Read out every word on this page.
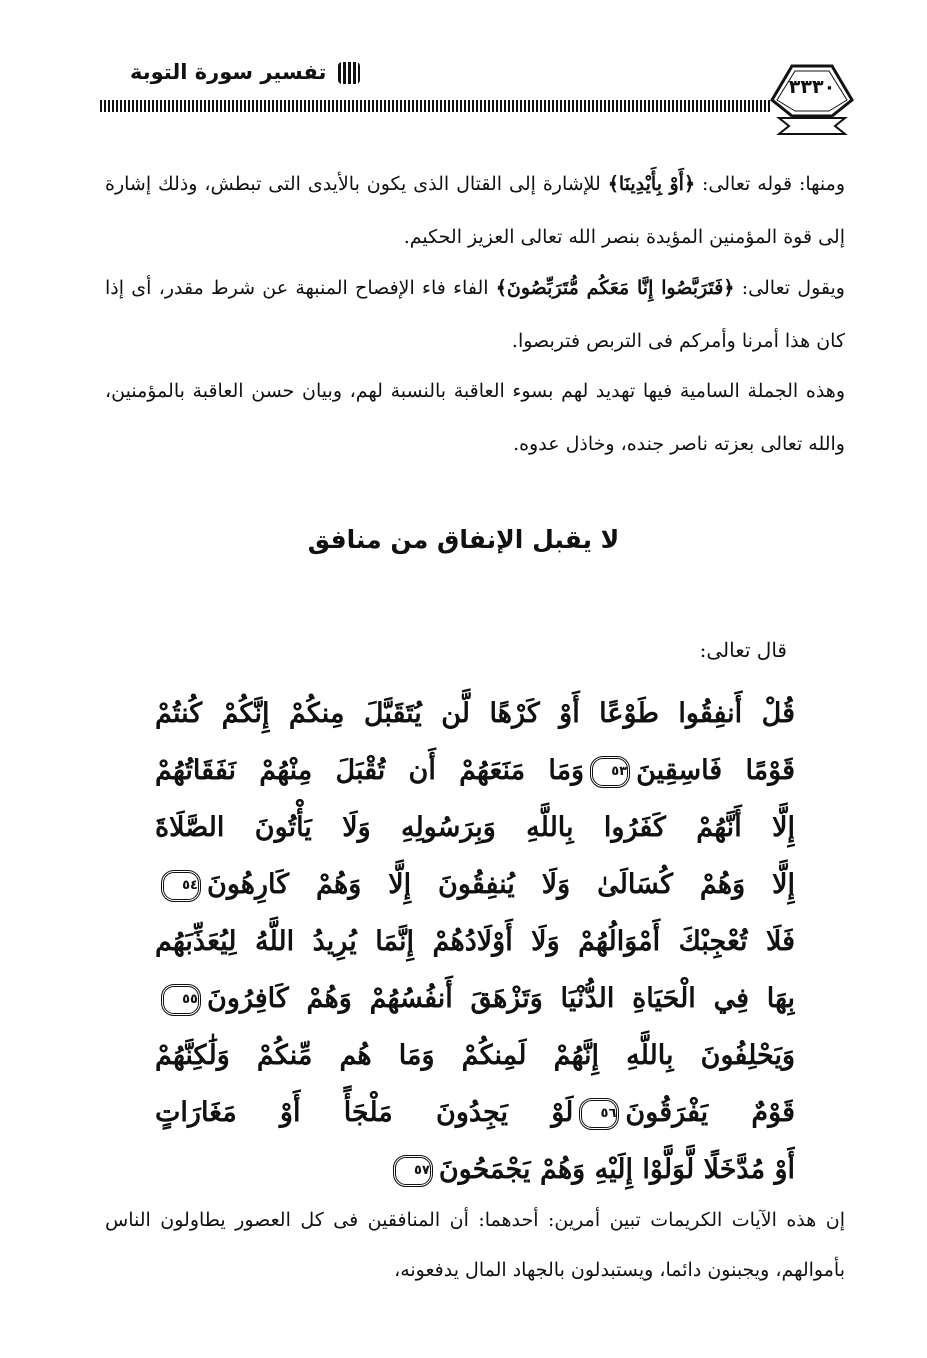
تفسير سورة التوبة
٣٣٣٠
ومنها: قوله تعالى: ﴿أَوْ بِأَيْدِينَا﴾ للإشارة إلى القتال الذى يكون بالأيدى التى تبطش، وذلك إشارة إلى قوة المؤمنين المؤيدة بنصر الله تعالى العزيز الحكيم.
ويقول تعالى: ﴿فَتَرَبَّصُوا إِنَّا مَعَكُم مُّتَرَبِّصُونَ﴾ الفاء فاء الإفصاح المنبهة عن شرط مقدر، أى إذا كان هذا أمرنا وأمركم فى التربص فتربصوا.
وهذه الجملة السامية فيها تهديد لهم بسوء العاقبة بالنسبة لهم، وبيان حسن العاقبة بالمؤمنين، والله تعالى بعزته ناصر جنده، وخاذل عدوه.
لا يقبل الإنفاق من منافق
قال تعالى:
قُلْ أَنفِقُوا طَوْعًا أَوْ كَرْهًا لَّن يُتَقَبَّلَ مِنكُمْ إِنَّكُمْ كُنتُمْ
قَوْمًا فَاسِقِينَ٥٣وَمَا مَنَعَهُمْ أَن تُقْبَلَ مِنْهُمْ نَفَقَاتُهُمْ
إِلَّا أَنَّهُمْ كَفَرُوا بِاللَّهِ وَبِرَسُولِهِ وَلَا يَأْتُونَ الصَّلَاةَ
إِلَّا وَهُمْ كُسَالَىٰ وَلَا يُنفِقُونَ إِلَّا وَهُمْ كَارِهُونَ٥٤
فَلَا تُعْجِبْكَ أَمْوَالُهُمْ وَلَا أَوْلَادُهُمْ إِنَّمَا يُرِيدُ اللَّهُ لِيُعَذِّبَهُم
بِهَا فِي الْحَيَاةِ الدُّنْيَا وَتَزْهَقَ أَنفُسُهُمْ وَهُمْ كَافِرُونَ٥٥
وَيَحْلِفُونَ بِاللَّهِ إِنَّهُمْ لَمِنكُمْ وَمَا هُم مِّنكُمْ وَلَٰكِنَّهُمْ
قَوْمٌ يَفْرَقُونَ٥٦لَوْ يَجِدُونَ مَلْجَأً أَوْ مَغَارَاتٍ
أَوْ مُدَّخَلًا لَّوَلَّوْا إِلَيْهِ وَهُمْ يَجْمَحُونَ٥٧
إن هذه الآيات الكريمات تبين أمرين: أحدهما: أن المنافقين فى كل العصور يطاولون الناس بأموالهم، ويجبنون دائما، ويستبدلون بالجهاد المال يدفعونه،
